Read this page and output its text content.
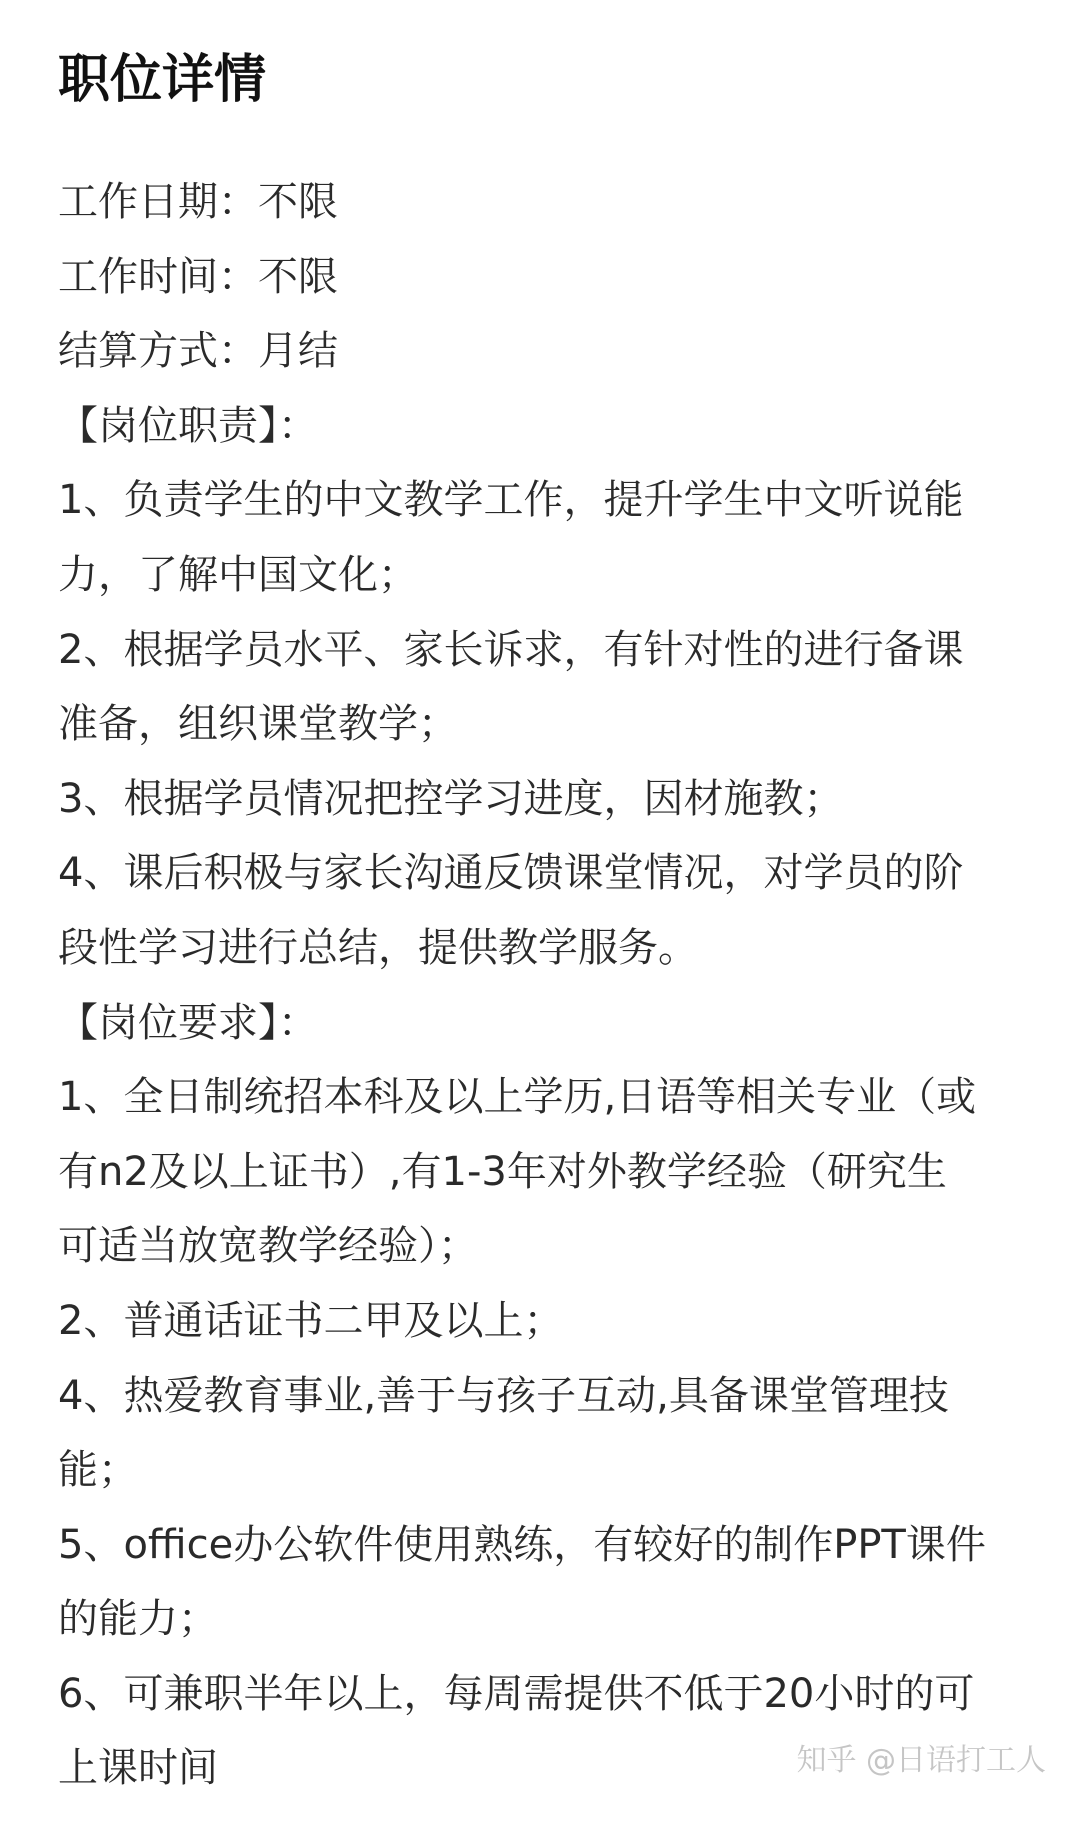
职位详情
工作日期：不限
工作时间：不限
结算方式：月结
【岗位职责】：
1、负责学生的中文教学工作，提升学生中文听说能
力，了解中国文化；
2、根据学员水平、家长诉求，有针对性的进行备课
准备，组织课堂教学；
3、根据学员情况把控学习进度，因材施教；
4、课后积极与家长沟通反馈课堂情况，对学员的阶
段性学习进行总结，提供教学服务。
【岗位要求】：
1、全日制统招本科及以上学历,日语等相关专业（或
有n2及以上证书）,有1-3年对外教学经验（研究生
可适当放宽教学经验）；
2、普通话证书二甲及以上；
4、热爱教育事业,善于与孩子互动,具备课堂管理技
能；
5、office办公软件使用熟练，有较好的制作PPT课件
的能力；
6、可兼职半年以上，每周需提供不低于20小时的可
上课时间	知乎 @日语打工人
